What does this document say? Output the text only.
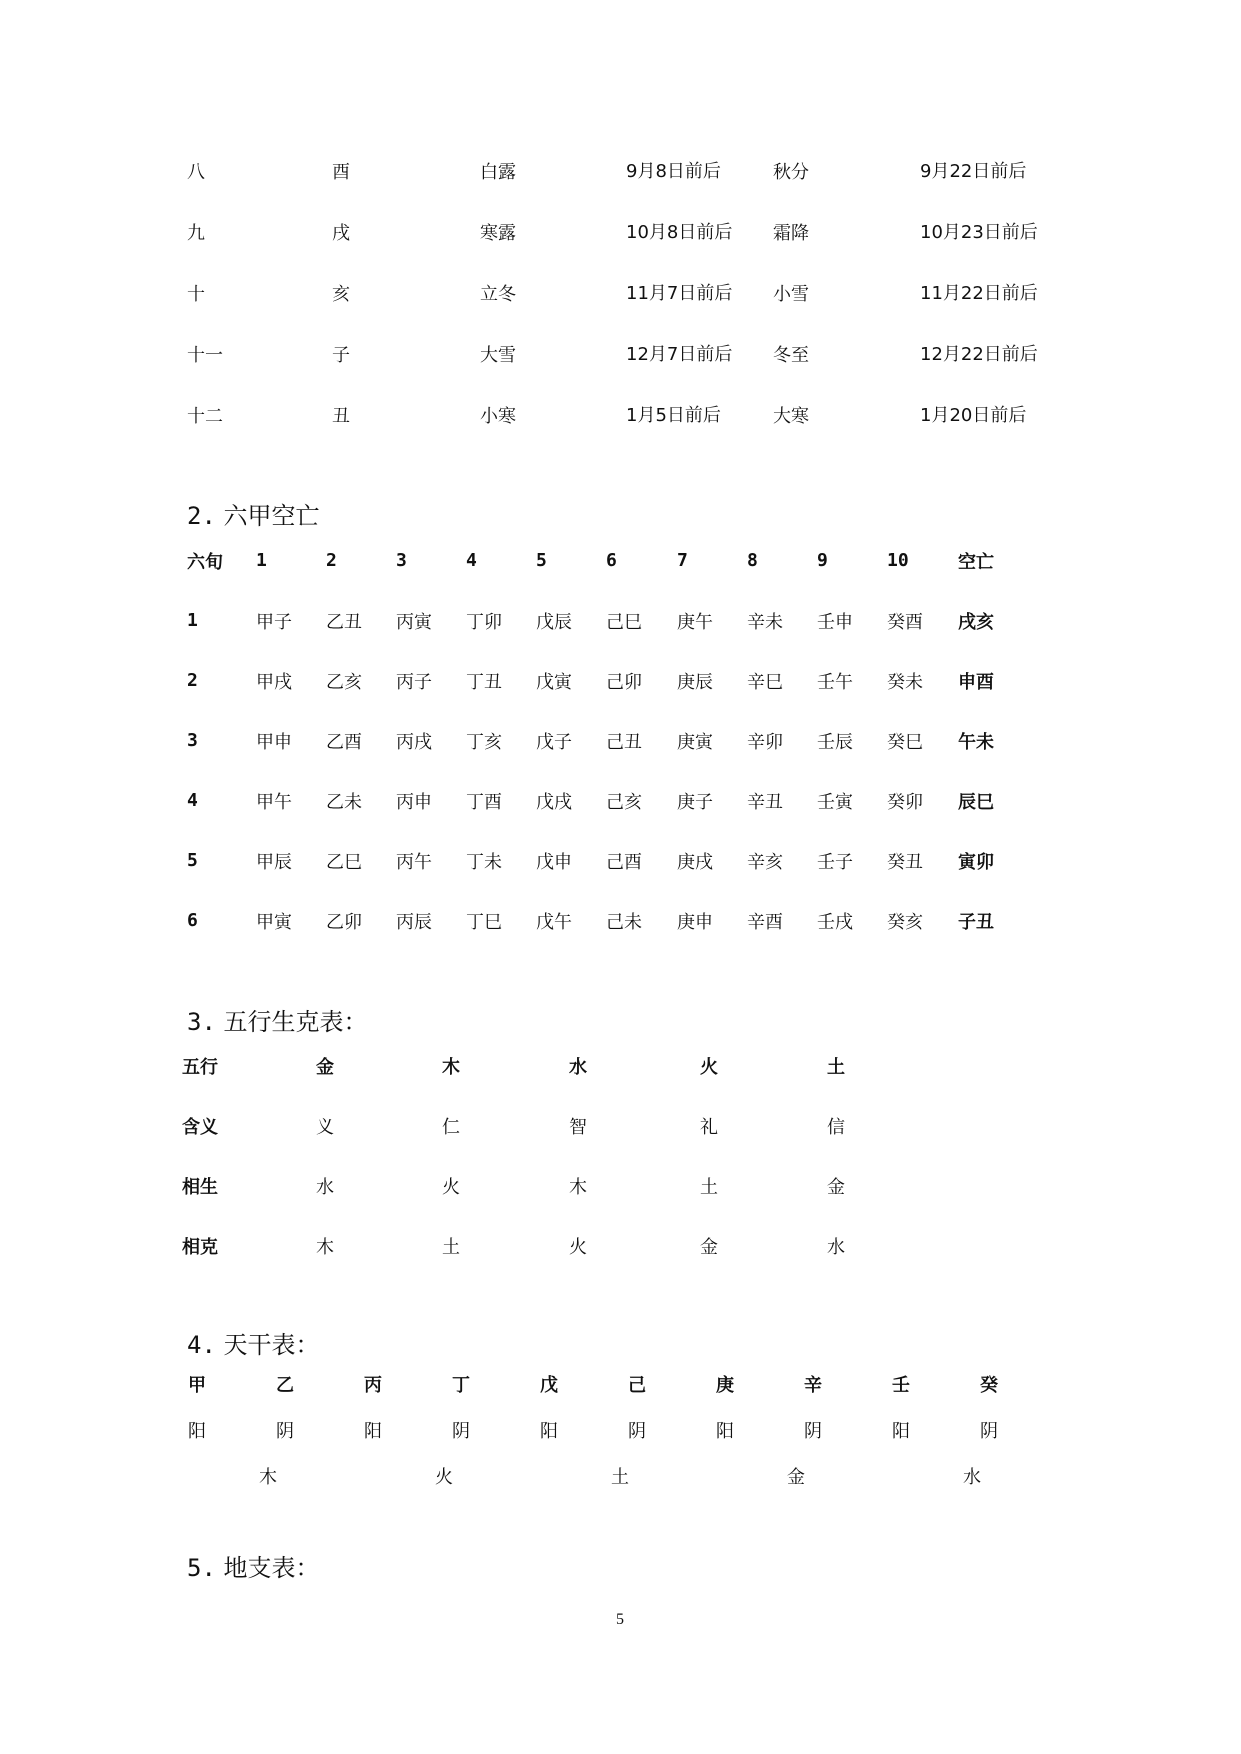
八	酉	白露	9月8日前后	秋分	9月22日前后
九	戌	寒露	10月8日前后 霜降	10月23日前后
十	亥	立冬	11月7日前后 小雪	11月22日前后
十一	子	大雪	12月7日前后 冬至	12月22日前后
十二	丑	小寒	1月5日前后	大寒	1月20日前后
2. 六甲空亡
六旬 1	2	3	4	5	6	7	8	9	10	空亡
1	甲子 乙丑 丙寅 丁卯 戊辰 己巳 庚午 辛未 壬申 癸酉 戌亥
2	甲戌 乙亥 丙子 丁丑 戊寅 己卯 庚辰 辛巳 壬午 癸未 申酉
3	甲申 乙酉 丙戌 丁亥 戊子 己丑 庚寅 辛卯 壬辰 癸巳 午未
4	甲午 乙未 丙申 丁酉 戊戌 己亥 庚子 辛丑 壬寅 癸卯 辰巳
5	甲辰 乙巳 丙午 丁未 戊申 己酉 庚戌 辛亥 壬子 癸丑 寅卯
6	甲寅 乙卯 丙辰 丁巳 戊午 己未 庚申 辛酉 壬戌 癸亥 子丑
3. 五行生克表：
五行	金	木	水	火	土
含义	义	仁	智	礼	信
相生	水	火	木	土	金
相克	木	土	火	金	水
4. 天干表：
甲	乙	丙	丁	戊	己	庚	辛	壬	癸
阳	阴	阳	阴	阳	阴	阳	阴	阳	阴
木	火	土	金	水
5. 地支表：
5
